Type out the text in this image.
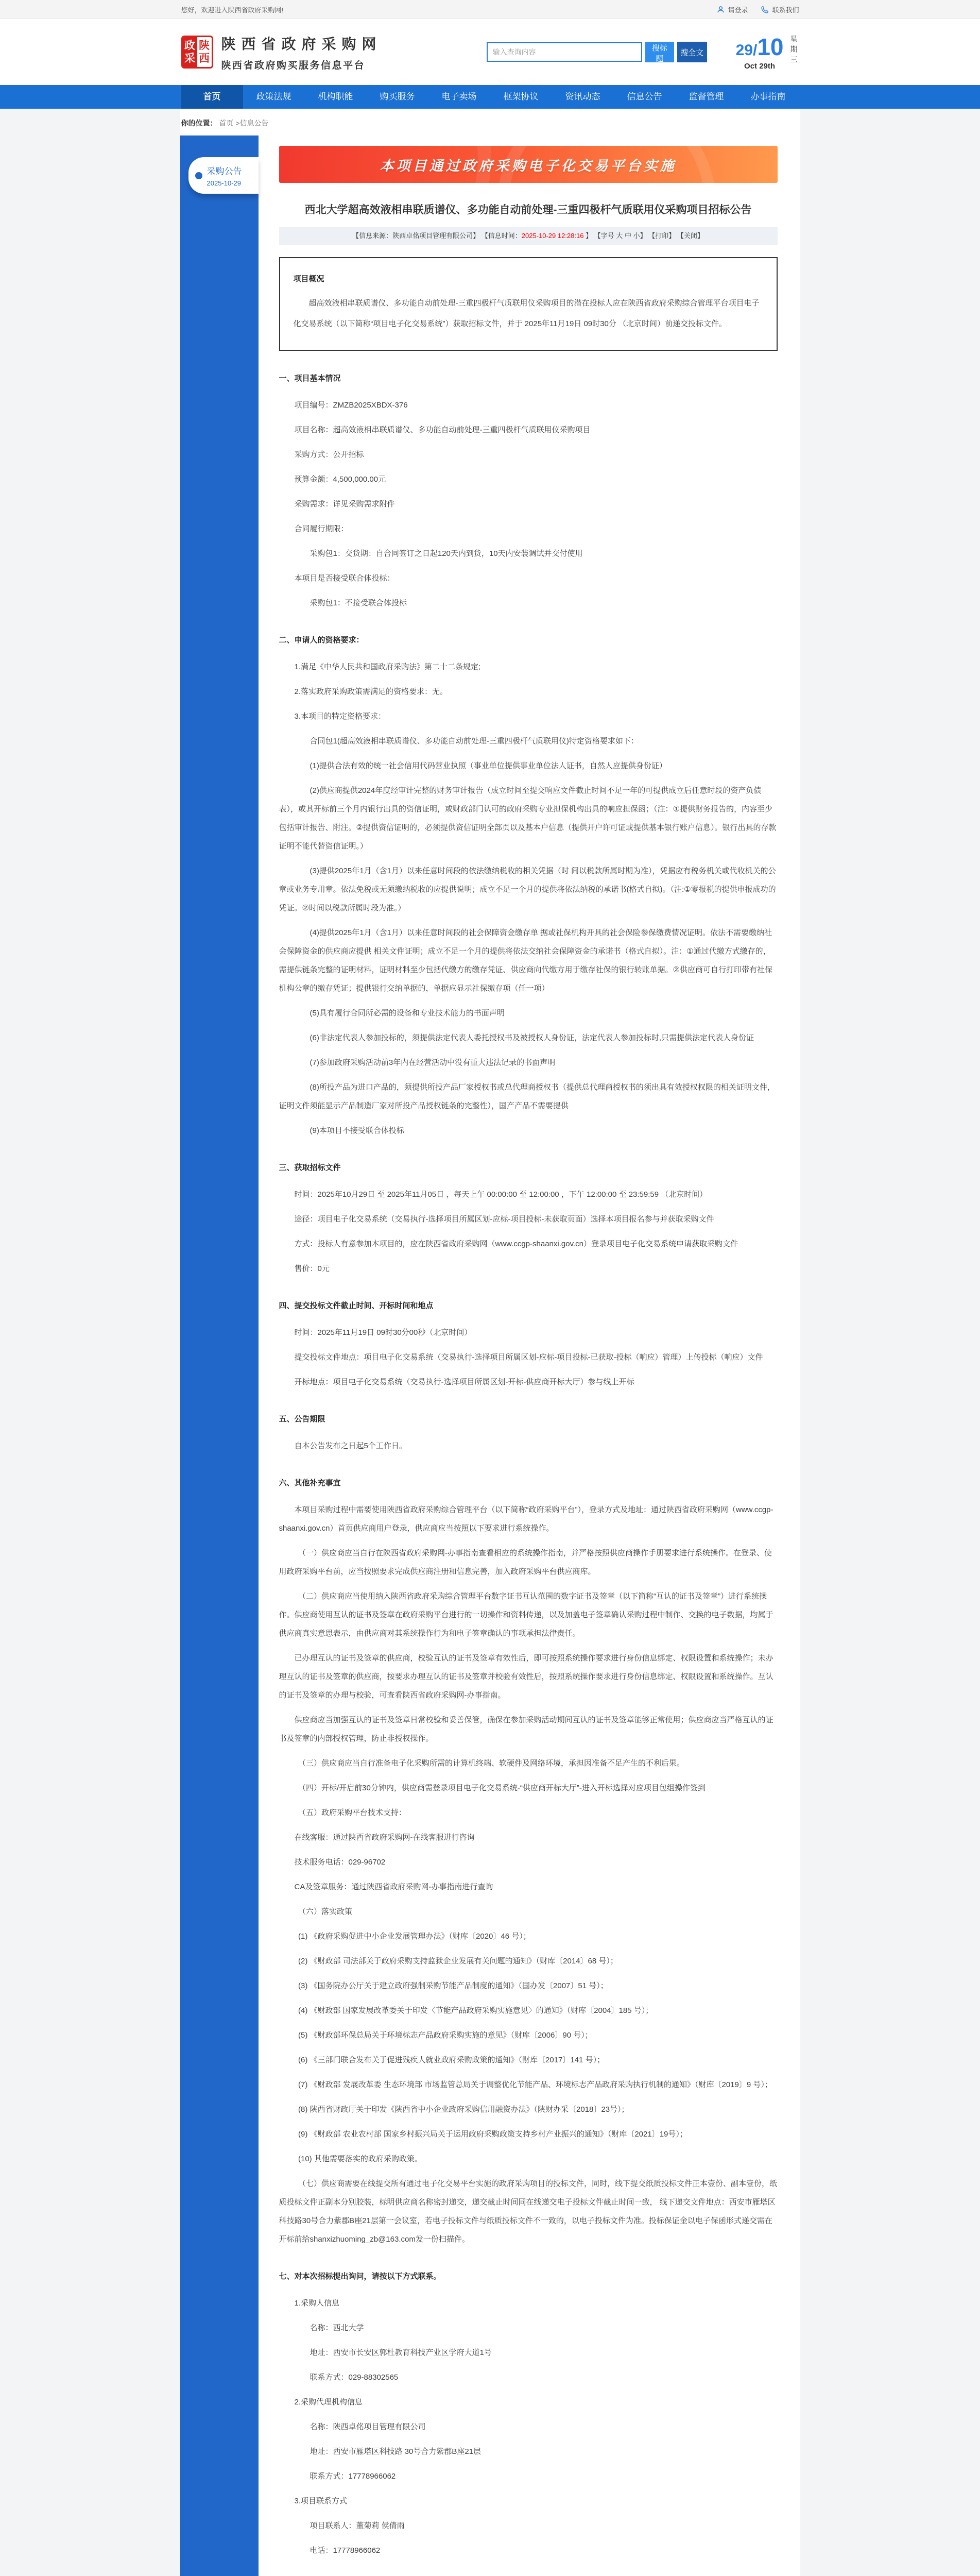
您好，欢迎进入陕西省政府采购网!	请登录	联系我们
政
采
陕
西
陕西省政府采购网
陕西省政府购买服务信息平台
输入查询内容
搜标题
搜全文 29/10
Oct 29th
星期三
首页	政策法规	机构职能	购买服务	电子卖场	框架协议	资讯动态	信息公告	监督管理	办事指南
你的位置： 首页 >信息公告
采购公告
2025-10-29
本项目通过政府采购电子化交易平台实施
西北大学超高效液相串联质谱仪、多功能自动前处理-三重四极杆气质联用仪采购项目招标公告
【信息来源：陕西卓佲项目管理有限公司】 【信息时间：2025-10-29 12:28:16 】 【字号 大 中 小】 【打印】 【关闭】
项目概况
超高效液相串联质谱仪、多功能自动前处理-三重四极杆气质联用仪采购项目的潜在投标人应在陕西省政府采购综合管理平台项目电子化交易系统（以下简称“项目电子化交易系统”）获取招标文件，并于 2025年11月19日 09时30分 （北京时间）前递交投标文件。
一、项目基本情况
项目编号：ZMZB2025XBDX-376
项目名称：超高效液相串联质谱仪、多功能自动前处理-三重四极杆气质联用仪采购项目
采购方式：公开招标
预算金额：4,500,000.00元
采购需求：详见采购需求附件
合同履行期限：
采购包1：交货期：自合同签订之日起120天内到货，10天内安装调试并交付使用
本项目是否接受联合体投标：
采购包1：不接受联合体投标
二、申请人的资格要求：
1.满足《中华人民共和国政府采购法》第二十二条规定;
2.落实政府采购政策需满足的资格要求：无。
3.本项目的特定资格要求：
合同包1(超高效液相串联质谱仪、多功能自动前处理-三重四极杆气质联用仪)特定资格要求如下：
(1)提供合法有效的统一社会信用代码营业执照（事业单位提供事业单位法人证书，自然人应提供身份证）
(2)供应商提供2024年度经审计完整的财务审计报告（成立时间至提交响应文件截止时间不足一年的可提供成立后任意时段的资产负债表），或其开标前三个月内银行出具的资信证明，或财政部门认可的政府采购专业担保机构出具的响应担保函；（注：①提供财务报告的，内容至少包括审计报告、附注。②提供资信证明的，必须提供资信证明全部页以及基本户信息（提供开户许可证或提供基本银行账户信息）。银行出具的存款证明不能代替资信证明。）
(3)提供2025年1月（含1月）以来任意时间段的依法缴纳税收的相关凭据（时 间以税款所属时期为准），凭据应有税务机关或代收机关的公章或业务专用章。依法免税或无须缴纳税收的应提供说明；成立不足一个月的提供将依法纳税的承诺书(格式自拟)。（注:①零报税的提供申报成功的凭证。②时间以税款所属时段为准。）
(4)提供2025年1月（含1月）以来任意时间段的社会保障资金缴存单 据或社保机构开具的社会保险参保缴费情况证明。依法不需要缴纳社会保障资金的供应商应提供 相关文件证明；成立不足一个月的提供将依法交纳社会保障资金的承诺书（格式自拟）。注：①通过代缴方式缴存的，需提供链条完整的证明材料，证明材料至少包括代缴方的缴存凭证、供应商向代缴方用于缴存社保的银行转账单据。②供应商可自行打印带有社保机构公章的缴存凭证；提供银行交纳单据的，单据应显示社保缴存项（任一项）
(5)具有履行合同所必需的设备和专业技术能力的书面声明
(6)非法定代表人参加投标的，须提供法定代表人委托授权书及被授权人身份证，法定代表人参加投标时,只需提供法定代表人身份证
(7)参加政府采购活动前3年内在经营活动中没有重大违法记录的书面声明
(8)所投产品为进口产品的，须提供所投产品厂家授权书或总代理商授权书（提供总代理商授权书的须出具有效授权权限的相关证明文件，证明文件须能显示产品制造厂家对所投产品授权链条的完整性），国产产品不需要提供
(9)本项目不接受联合体投标
三、获取招标文件
时间：2025年10月29日 至 2025年11月05日 ，每天上午 00:00:00 至 12:00:00 ，下午 12:00:00 至 23:59:59 （北京时间）
途径：项目电子化交易系统（交易执行-选择项目所属区划-应标-项目投标-未获取页面）选择本项目报名参与并获取采购文件
方式：投标人有意参加本项目的，应在陕西省政府采购网（www.ccgp-shaanxi.gov.cn）登录项目电子化交易系统申请获取采购文件
售价：0元
四、提交投标文件截止时间、开标时间和地点
时间：2025年11月19日 09时30分00秒（北京时间）
提交投标文件地点：项目电子化交易系统（交易执行-选择项目所属区划-应标-项目投标-已获取-投标（响应）管理）上传投标（响应）文件
开标地点：项目电子化交易系统（交易执行-选择项目所属区划-开标-供应商开标大厅）参与线上开标
五、公告期限
自本公告发布之日起5个工作日。
六、其他补充事宜
本项目采购过程中需要使用陕西省政府采购综合管理平台（以下简称“政府采购平台”），登录方式及地址：通过陕西省政府采购网（www.ccgp-shaanxi.gov.cn）首页供应商用户登录，供应商应当按照以下要求进行系统操作。
（一）供应商应当自行在陕西省政府采购网-办事指南查看相应的系统操作指南，并严格按照供应商操作手册要求进行系统操作。在登录、使用政府采购平台前，应当按照要求完成供应商注册和信息完善，加入政府采购平台供应商库。
（二）供应商应当使用纳入陕西省政府采购综合管理平台数字证书互认范围的数字证书及签章（以下简称“互认的证书及签章”）进行系统操作。供应商使用互认的证书及签章在政府采购平台进行的一切操作和资料传递，以及加盖电子签章确认采购过程中制作、交换的电子数据，均属于供应商真实意思表示，由供应商对其系统操作行为和电子签章确认的事项承担法律责任。
已办理互认的证书及签章的供应商，校验互认的证书及签章有效性后，即可按照系统操作要求进行身份信息绑定、权限设置和系统操作；未办理互认的证书及签章的供应商，按要求办理互认的证书及签章并校验有效性后，按照系统操作要求进行身份信息绑定、权限设置和系统操作。互认的证书及签章的办理与校验，可查看陕西省政府采购网-办事指南。
供应商应当加强互认的证书及签章日常校验和妥善保管，确保在参加采购活动期间互认的证书及签章能够正常使用；供应商应当严格互认的证书及签章的内部授权管理，防止非授权操作。
（三）供应商应当自行准备电子化采购所需的计算机终端、软硬件及网络环境，承担因准备不足产生的不利后果。
（四）开标/开启前30分钟内，供应商需登录项目电子化交易系统-“供应商开标大厅”-进入开标选择对应项目包组操作签到
（五）政府采购平台技术支持：
在线客服：通过陕西省政府采购网-在线客服进行咨询
技术服务电话：029-96702
CA及签章服务：通过陕西省政府采购网-办事指南进行查询
（六）落实政策
(1) 《政府采购促进中小企业发展管理办法》（财库〔2020〕46 号）；
(2) 《财政部 司法部关于政府采购支持监狱企业发展有关问题的通知》（财库〔2014〕68 号）；
(3) 《国务院办公厅关于建立政府强制采购节能产品制度的通知》（国办发〔2007〕51 号）；
(4) 《财政部 国家发展改革委关于印发〈节能产品政府采购实施意见〉的通知》（财库〔2004〕185 号）；
(5) 《财政部环保总局关于环境标志产品政府采购实施的意见》（财库〔2006〕90 号）；
(6) 《三部门联合发布关于促进残疾人就业政府采购政策的通知》（财库〔2017〕141 号）；
(7) 《财政部 发展改革委 生态环境部 市场监管总局关于调整优化节能产品、环境标志产品政府采购执行机制的通知》（财库〔2019〕9 号）；
(8) 陕西省财政厅关于印发《陕西省中小企业政府采购信用融资办法》（陕财办采〔2018〕23号）；
(9) 《财政部 农业农村部 国家乡村振兴局关于运用政府采购政策支持乡村产业振兴的通知》（财库〔2021〕19号）；
(10) 其他需要落实的政府采购政策。
（七）供应商需要在线提交所有通过电子化交易平台实施的政府采购项目的投标文件，同时，线下提交纸质投标文件正本壹份、副本壹份，纸质投标文件正副本分别胶装，标明供应商名称密封递交，递交截止时间同在线递交电子投标文件截止时间一致， 线下递交文件地点：西安市雁塔区科技路30号合力紫郡B座21层第一会议室，若电子投标文件与纸质投标文件不一致的，以电子投标文件为准。投标保证金以电子保函形式递交需在开标前给shanxizhuoming_zb@163.com发一份扫描件。
七、对本次招标提出询问，请按以下方式联系。
1.采购人信息
名称：西北大学
地址：西安市长安区郭杜教育科技产业区学府大道1号
联系方式：029-88302565
2.采购代理机构信息
名称：陕西卓佲项目管理有限公司
地址：西安市雁塔区科技路 30号合力紫郡B座21层
联系方式：17778966062
3.项目联系方式
项目联系人：董菊莉 侯倩雨
电话：17778966062
